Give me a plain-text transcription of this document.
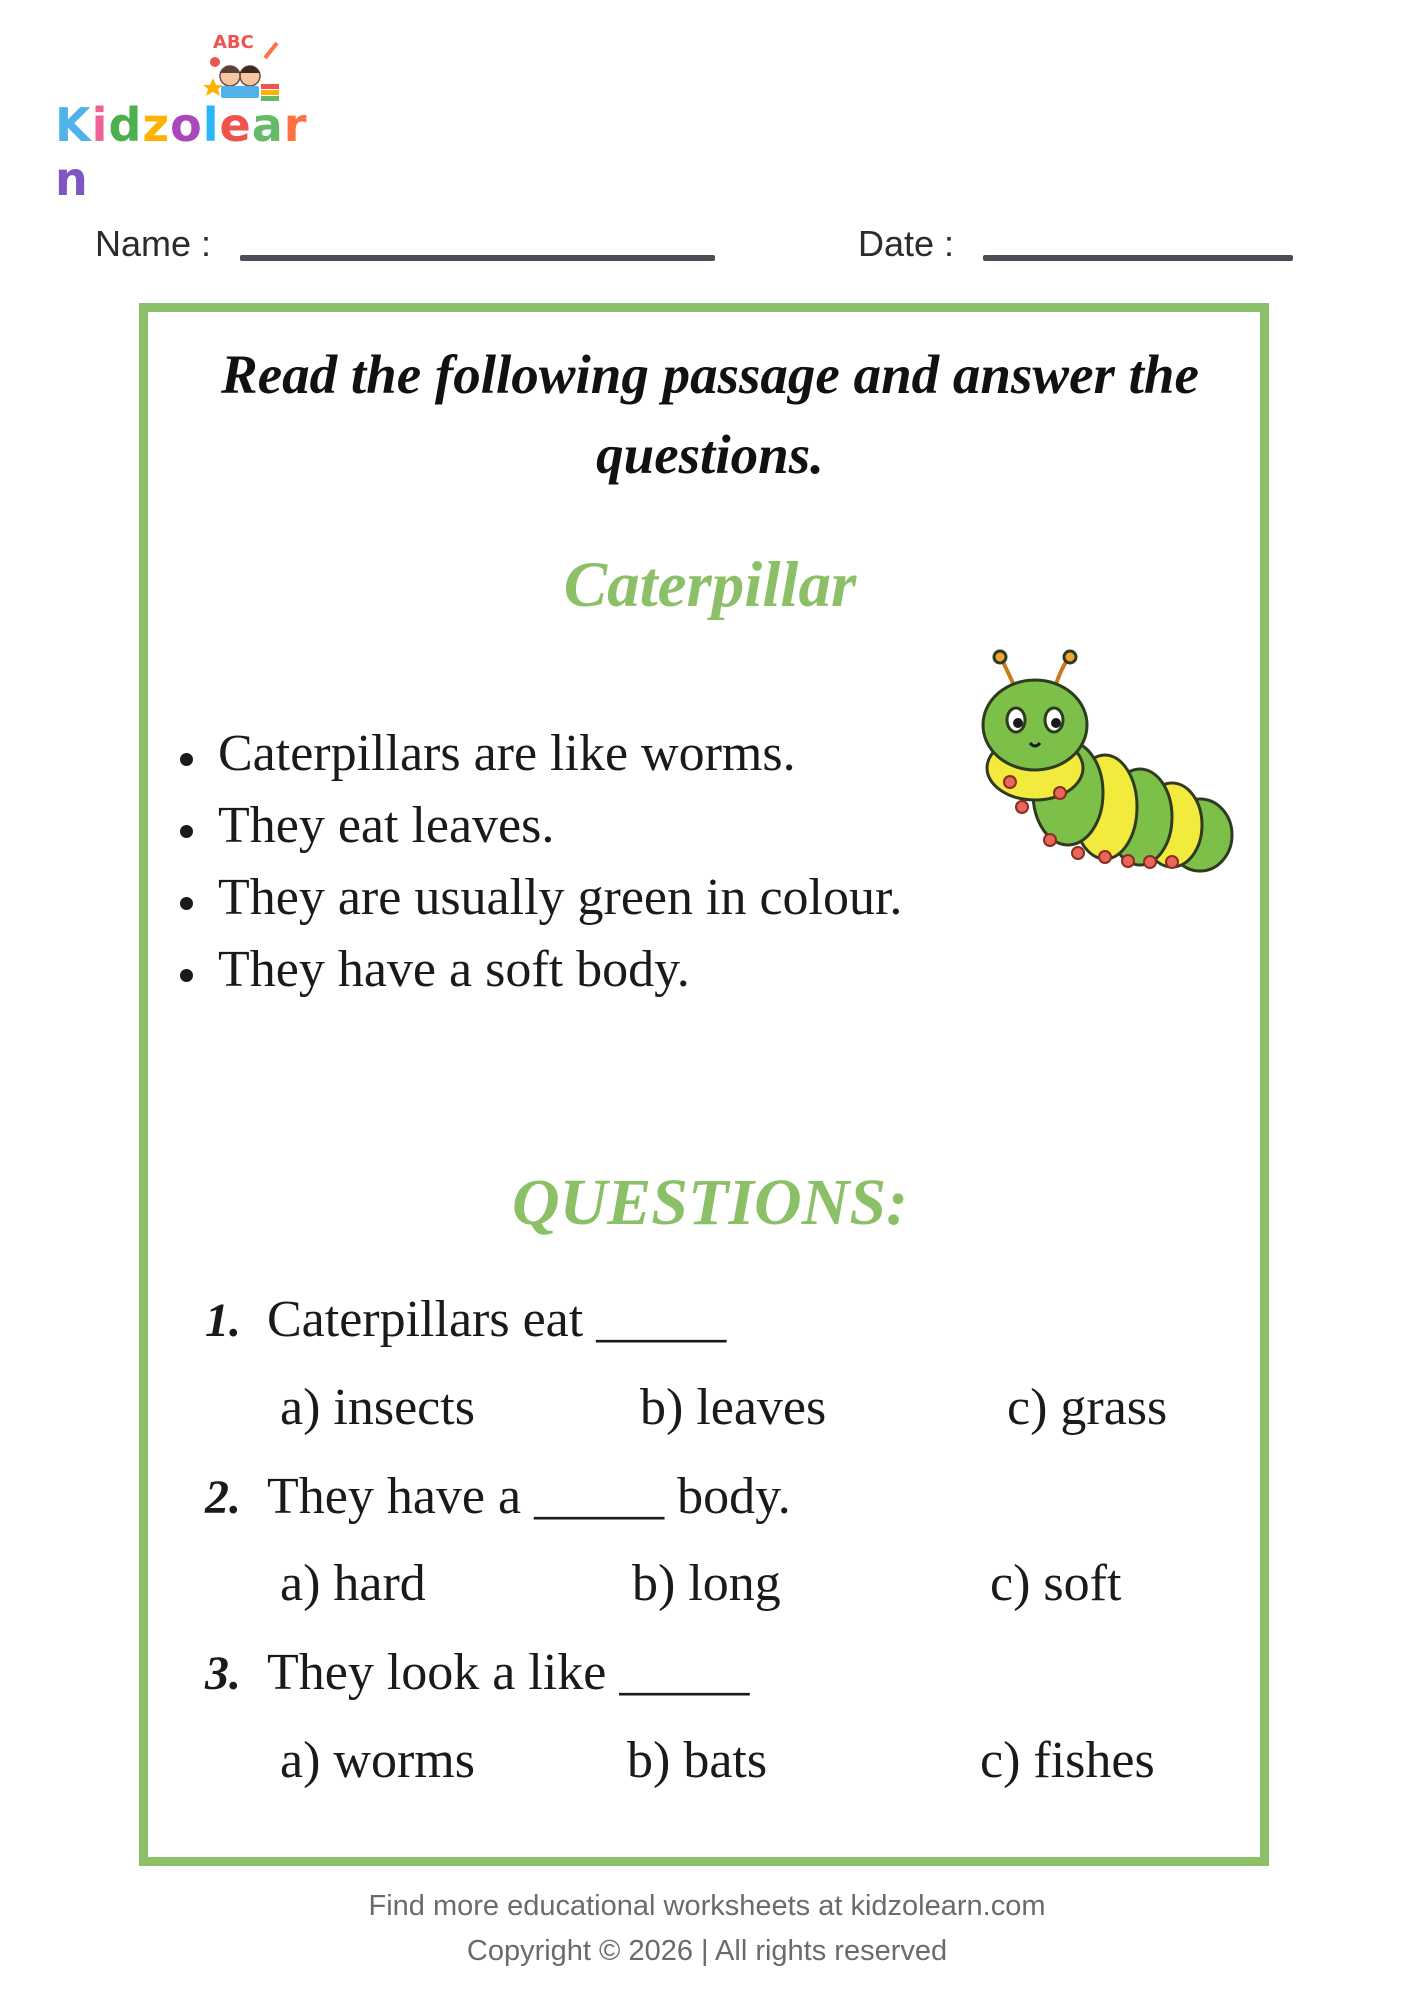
ABC
Kidzolearn
Name :	Date :
Read the following passage and answer the questions.
Caterpillar
Caterpillars are like worms.
They eat leaves.
They are usually green in colour.
They have a soft body.
QUESTIONS:
1. Caterpillars eat _____
a) insects	b) leaves	c) grass
2. They have a _____ body.
a) hard	b) long	c) soft
3. They look a like _____
a) worms	b) bats	c) fishes
Find more educational worksheets at kidzolearn.com
Copyright © 2026 | All rights reserved
